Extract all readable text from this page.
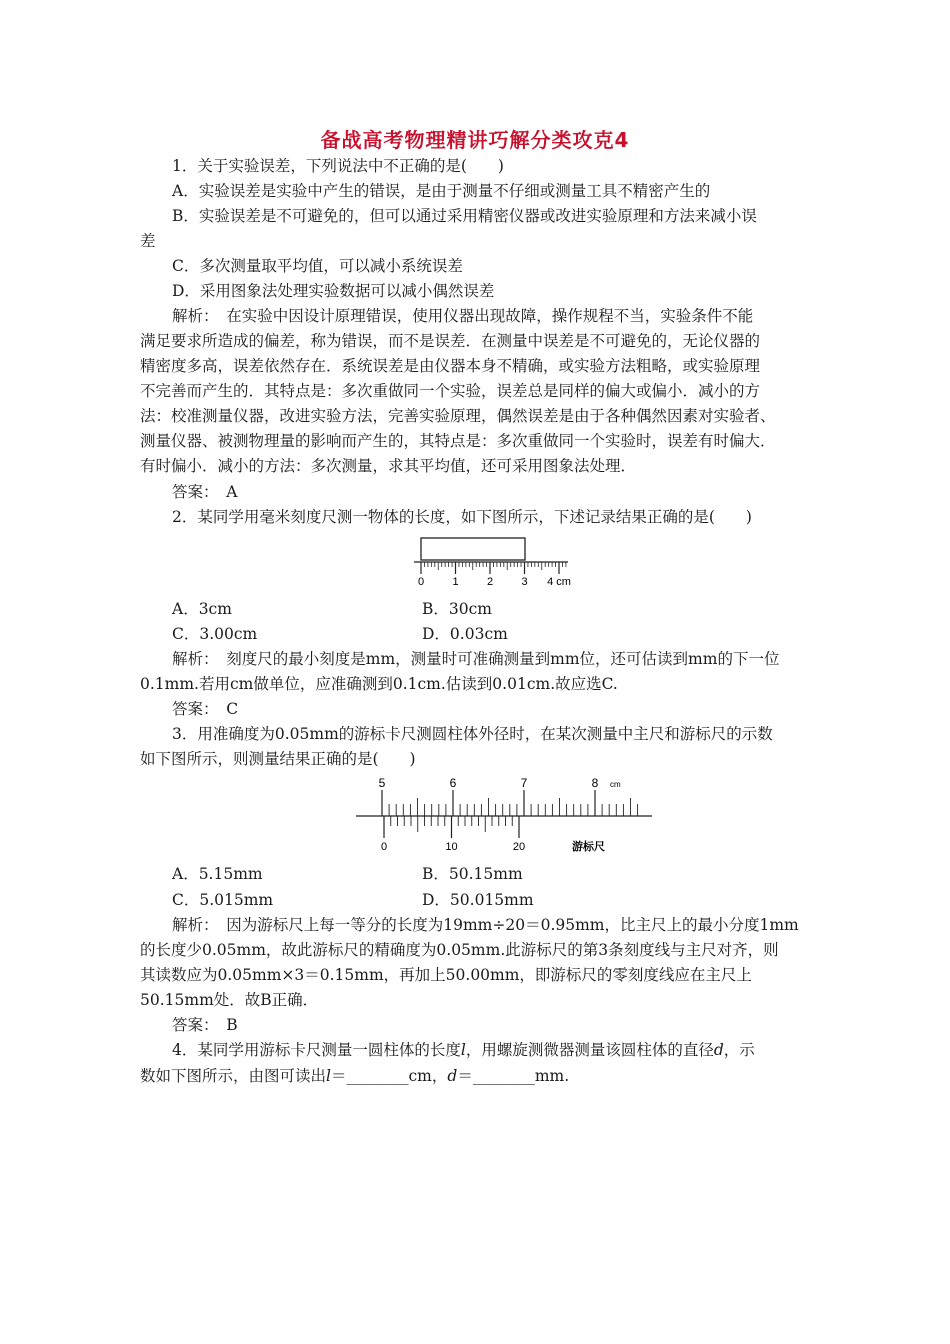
备战高考物理精讲巧解分类攻克4
1．关于实验误差，下列说法中不正确的是(　　)
A．实验误差是实验中产生的错误，是由于测量不仔细或测量工具不精密产生的
B．实验误差是不可避免的，但可以通过采用精密仪器或改进实验原理和方法来减小误
差
C．多次测量取平均值，可以减小系统误差
D．采用图象法处理实验数据可以减小偶然误差
解析：　在实验中因设计原理错误，使用仪器出现故障，操作规程不当，实验条件不能
满足要求所造成的偏差，称为错误，而不是误差．在测量中误差是不可避免的，无论仪器的
精密度多高，误差依然存在．系统误差是由仪器本身不精确，或实验方法粗略，或实验原理
不完善而产生的．其特点是：多次重做同一个实验，误差总是同样的偏大或偏小．减小的方
法：校准测量仪器，改进实验方法，完善实验原理，偶然误差是由于各种偶然因素对实验者、
测量仪器、被测物理量的影响而产生的，其特点是：多次重做同一个实验时，误差有时偏大．
有时偏小．减小的方法：多次测量，求其平均值，还可采用图象法处理．
答案：　A
2．某同学用毫米刻度尺测一物体的长度，如下图所示，下述记录结果正确的是(　　)
0	1	2	3 4 cm
A．3cm	B．30cm
C．3.00cm	D．0.03cm
解析：　刻度尺的最小刻度是mm，测量时可准确测量到mm位，还可估读到mm的下一位
0.1mm.若用cm做单位，应准确测到0.1cm.估读到0.01cm.故应选C.
答案：　C
3．用准确度为0.05mm的游标卡尺测圆柱体外径时，在某次测量中主尺和游标尺的示数
如下图所示，则测量结果正确的是(　　)
5	6	7	8 cm
0	10	20	游标尺
A．5.15mm	B．50.15mm
C．5.015mm	D．50.015mm
解析：　因为游标尺上每一等分的长度为19mm÷20＝0.95mm，比主尺上的最小分度1mm
的长度少0.05mm，故此游标尺的精确度为0.05mm.此游标尺的第3条刻度线与主尺对齐，则
其读数应为0.05mm×3＝0.15mm，再加上50.00mm，即游标尺的零刻度线应在主尺上
50.15mm处．故B正确．
答案：　B
4．某同学用游标卡尺测量一圆柱体的长度l，用螺旋测微器测量该圆柱体的直径d，示
数如下图所示，由图可读出l＝________cm，d＝________mm.
